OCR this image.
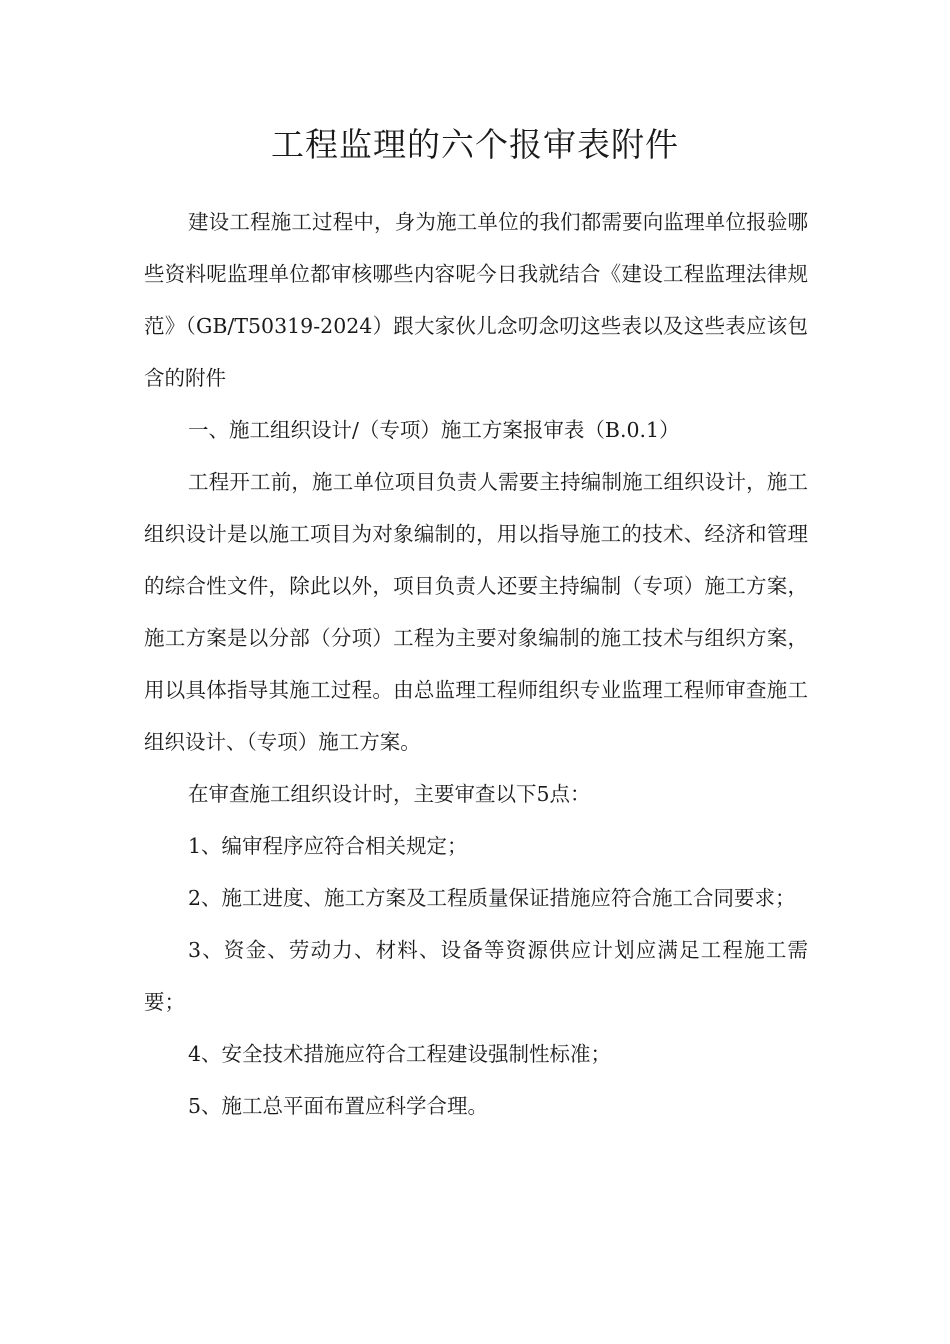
工程监理的六个报审表附件

建设工程施工过程中，身为施工单位的我们都需要向监理单位报验哪些资料呢监理单位都审核哪些内容呢今日我就结合《建设工程监理法律规范》（GB/T50319-2024）跟大家伙儿念叨念叨这些表以及这些表应该包含的附件

一、施工组织设计/（专项）施工方案报审表（B.0.1）

工程开工前，施工单位项目负责人需要主持编制施工组织设计，施工组织设计是以施工项目为对象编制的，用以指导施工的技术、经济和管理的综合性文件，除此以外，项目负责人还要主持编制（专项）施工方案，施工方案是以分部（分项）工程为主要对象编制的施工技术与组织方案，用以具体指导其施工过程。由总监理工程师组织专业监理工程师审查施工组织设计、（专项）施工方案。

在审查施工组织设计时，主要审查以下5点：

1、编审程序应符合相关规定；

2、施工进度、施工方案及工程质量保证措施应符合施工合同要求；

3、资金、劳动力、材料、设备等资源供应计划应满足工程施工需要；

4、安全技术措施应符合工程建设强制性标准；

5、施工总平面布置应科学合理。
